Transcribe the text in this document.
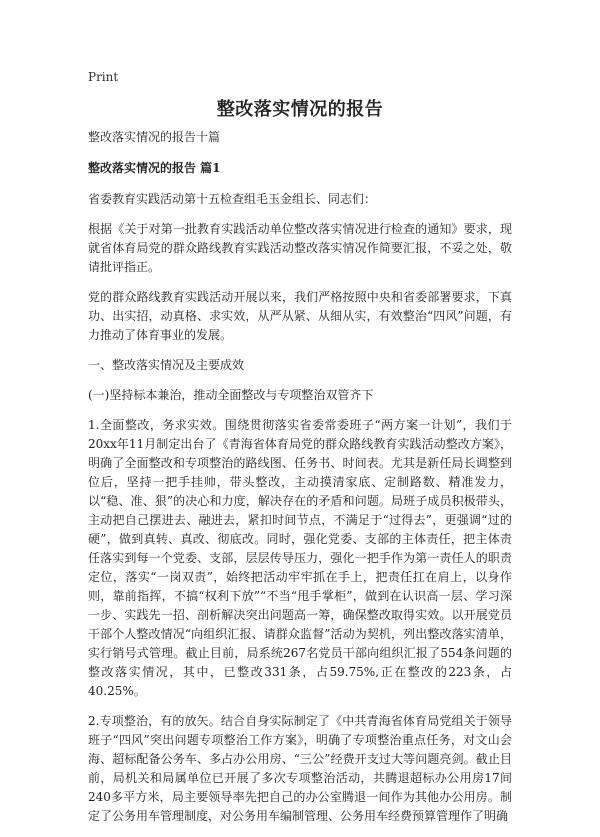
Print
整改落实情况的报告

整改落实情况的报告十篇

整改落实情况的报告 篇1

省委教育实践活动第十五检查组毛玉金组长、同志们：

根据《关于对第一批教育实践活动单位整改落实情况进行检查的通知》要求，现就省体育局党的群众路线教育实践活动整改落实情况作简要汇报，不妥之处，敬请批评指正。

党的群众路线教育实践活动开展以来，我们严格按照中央和省委部署要求，下真功、出实招，动真格、求实效，从严从紧、从细从实，有效整治“四风”问题，有力推动了体育事业的发展。

一、整改落实情况及主要成效

(一)坚持标本兼治，推动全面整改与专项整治双管齐下

1.全面整改，务求实效。围绕贯彻落实省委常委班子“两方案一计划”，我们于20xx年11月制定出台了《青海省体育局党的群众路线教育实践活动整改方案》，明确了全面整改和专项整治的路线图、任务书、时间表。尤其是新任局长调整到位后，坚持一把手挂帅，带头整改，主动摸清家底、定制路数、精准发力，以“稳、准、狠”的决心和力度，解决存在的矛盾和问题。局班子成员积极带头，主动把自己摆进去、融进去，紧扣时间节点，不满足于“过得去”，更强调“过的硬”，做到真转、真改、彻底改。同时，强化党委、支部的主体责任，把主体责任落实到每一个党委、支部，层层传导压力，强化一把手作为第一责任人的职责定位，落实“一岗双责”，始终把活动牢牢抓在手上，把责任扛在肩上，以身作则，靠前指挥，不搞“权利下放”“不当“甩手掌柜”，做到在认识高一层、学习深一步、实践先一招、剖析解决突出问题高一筹，确保整改取得实效。以开展党员干部个人整改情况“向组织汇报、请群众监督”活动为契机，列出整改落实清单，实行销号式管理。截止目前，局系统267名党员干部向组织汇报了554条问题的整改落实情况，其中，已整改331条，占59.75%,正在整改的223条，占40.25%。

2.专项整治，有的放矢。结合自身实际制定了《中共青海省体育局党组关于领导班子“四风”突出问题专项整治工作方案》，明确了专项整治重点任务，对文山会海、超标配备公务车、多占办公用房、“三公”经费开支过大等问题亮剑。截止目前，局机关和局属单位已开展了多次专项整治活动，共腾退超标办公用房17间240多平方米，局主要领导率先把自己的办公室腾退一间作为其他办公用房。制定了公务用车管理制度，对公务用车编制管理、公务用车经费预算管理作了明确
